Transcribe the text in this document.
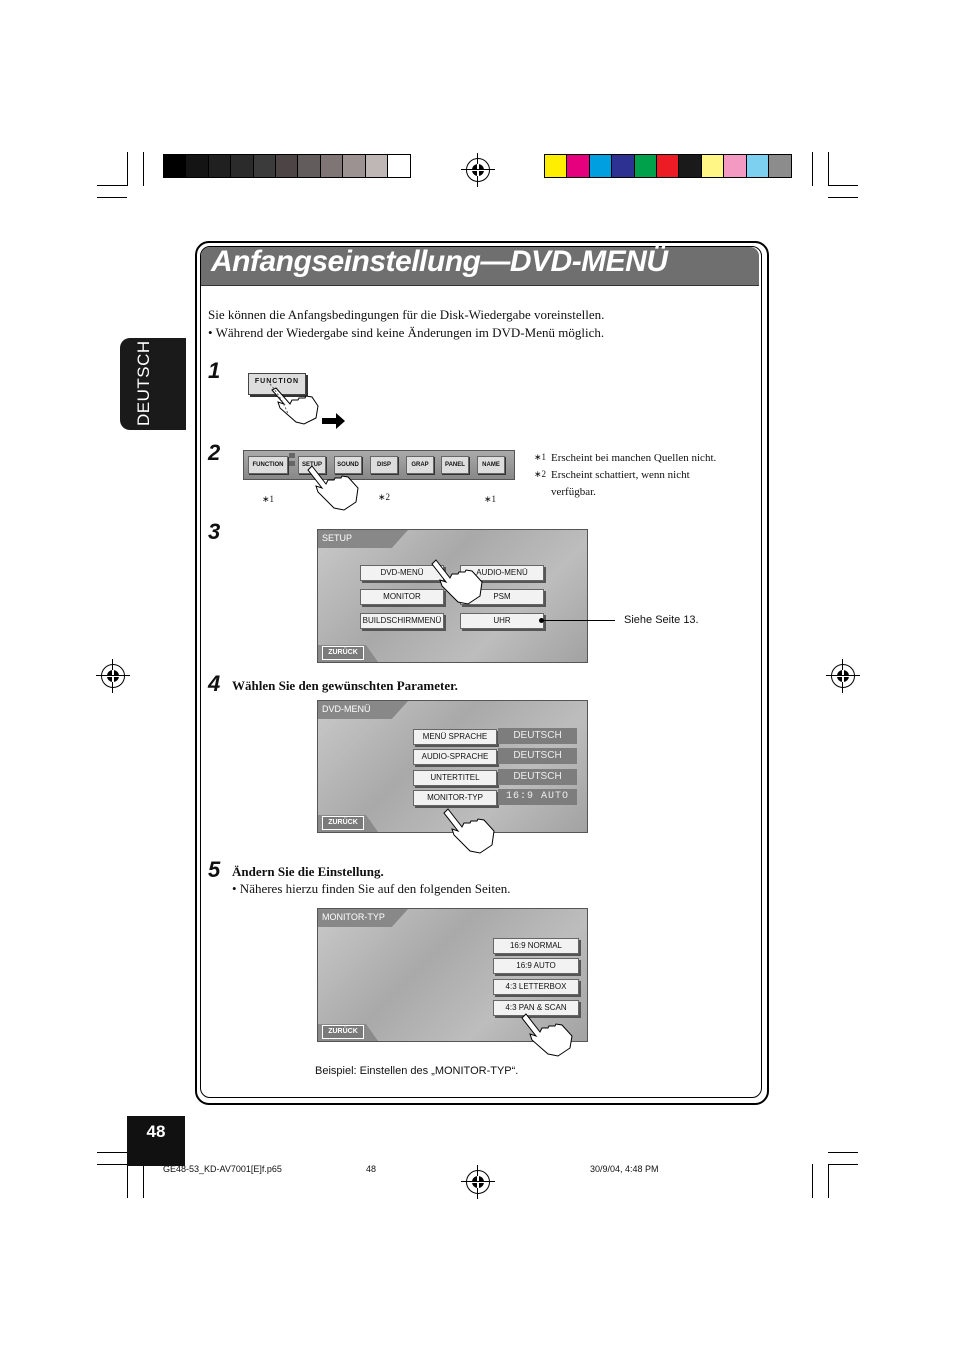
DEUTSCH
Anfangseinstellung—DVD-MENÜ
Sie können die Anfangsbedingungen für die Disk-Wiedergabe voreinstellen.
• Während der Wiedergabe sind keine Änderungen im DVD-Menü möglich.
1	FUNCTION
2	FUNCTION	SETUP	SOUND	DISP	GRAP	PANEL	NAME
∗1	∗2	∗1
∗1 Erscheint bei manchen Quellen nicht.
∗2 Erscheint schattiert, wenn nicht
verfügbar.
3	SETUP
DVD-MENÜ	AUDIO-MENÜ
MONITOR	PSM
BUILDSCHIRMMENÜ	UHR
ZURÜCK
Siehe Seite 13.
4 Wählen Sie den gewünschten Parameter.
DVD-MENÜ
MENÜ SPRACHE	DEUTSCH
AUDIO-SPRACHE	DEUTSCH
UNTERTITEL	DEUTSCH
MONITOR-TYP	16:9 AUTO
ZURÜCK
5 Ändern Sie die Einstellung.
• Näheres hierzu finden Sie auf den folgenden Seiten.
MONITOR-TYP
16:9 NORMAL
16:9 AUTO
4:3 LETTERBOX
4:3 PAN & SCAN
ZURÜCK
Beispiel: Einstellen des „MONITOR-TYP“.
48
GE48-53_KD-AV7001[E]f.p65	48	30/9/04, 4:48 PM
